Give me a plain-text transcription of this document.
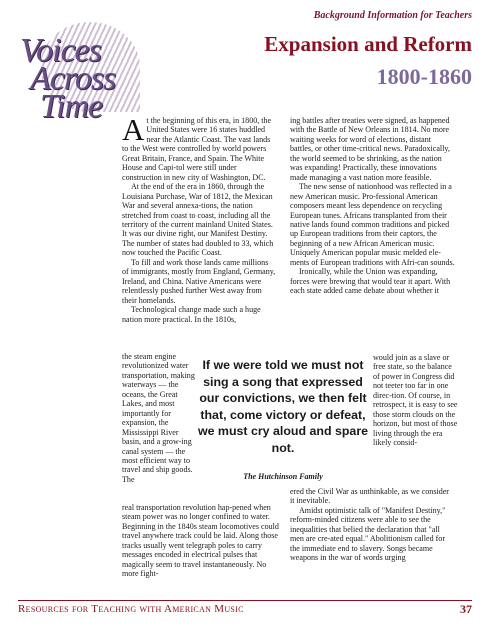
Voices
Across
Time
Background Information for Teachers
Expansion and Reform
1800-1860

At the beginning of this era, in 1800, the United States were 16 states huddled near the Atlantic Coast. The vast lands to the West were controlled by world powers Great Britain, France, and Spain. The White House and Capi-tol were still under construction in new city of Washington, DC.

At the end of the era in 1860, through the Louisiana Purchase, War of 1812, the Mexican War and several annexa-tions, the nation stretched from coast to coast, including all the territory of the current mainland United States. It was our divine right, our Manifest Destiny. The number of states had doubled to 33, which now touched the Pacific Coast.

To fill and work those lands came millions of immigrants, mostly from England, Germany, Ireland, and China. Native Americans were relentlessly pushed further West away from their homelands.

Technological change made such a huge nation more practical. In the 1810s,

the steam engine revolutionized water transportation, making waterways — the oceans, the Great Lakes, and most importantly for expansion, the Mississippi River basin, and a grow-ing canal system — the most efficient way to travel and ship goods. The
real transportation revolution hap-pened when steam power was no longer confined to water. Beginning in the 1840s steam locomotives could travel anywhere track could be laid. Along those tracks usually went telegraph poles to carry messages encoded in electrical pulses that magically seem to travel instantaneously. No more fight-

ing battles after treaties were signed, as happened with the Battle of New Orleans in 1814. No more waiting weeks for word of elections, distant battles, or other time-critical news. Paradoxically, the world seemed to be shrinking, as the nation was expanding! Practically, these innovations made managing a vast nation more feasible.

The new sense of nationhood was reflected in a new American music. Pro-fessional American composers meant less dependence on recycling European tunes. Africans transplanted from their native lands found common traditions and picked up European traditions from their captors, the beginning of a new African American music. Uniquely American popular music melded ele-ments of European traditions with Afri-can sounds.

Ironically, while the Union was expanding, forces were brewing that would tear it apart. With each state added came debate about whether it

would join as a slave or free state, so the balance of power in Congress did not teeter too far in one direc-tion. Of course, in retrospect, it is easy to see those storm clouds on the horizon, but most of those living through the era likely consid-

ered the Civil War as unthinkable, as we consider it inevitable.

Amidst optimistic talk of "Manifest Destiny," reform-minded citizens were able to see the inequalities that belied the declaration that "all men are cre-ated equal." Abolitionism called for the immediate end to slavery. Songs became weapons in the war of words urging

If we were told we must not sing a song that expressed our convictions, we then felt that, come victory or defeat, we must cry aloud and spare not.
The Hutchinson Family
Resources for Teaching with American Music	37
